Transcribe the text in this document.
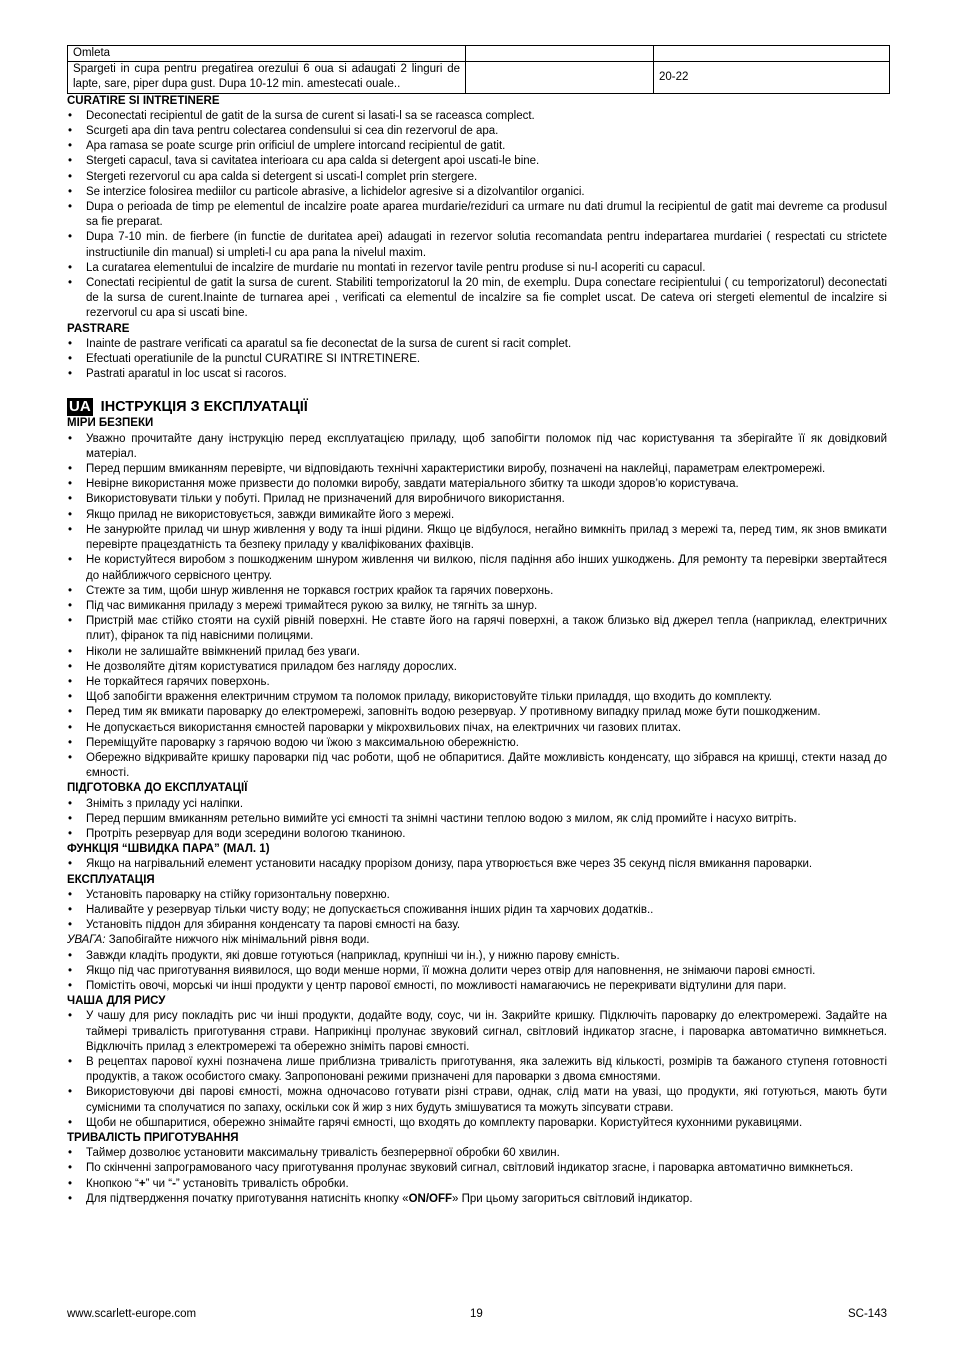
Omleta		
Spargeti in cupa pentru pregatirea orezului 6 oua si adaugati 2 linguri de lapte, sare, piper dupa gust. Dupa 10-12 min. amestecati ouale..		20-22
CURATIRE SI INTRETINERE
• Deconectati recipientul de gatit de la sursa de curent si lasati-l sa se raceasca complect.
• Scurgeti apa din tava pentru colectarea condensului si cea din rezervorul de apa.
• Apa ramasa se poate scurge prin orificiul de umplere intorcand recipientul de gatit.
• Stergeti capacul, tava si cavitatea interioara cu apa calda si detergent apoi uscati-le bine.
• Stergeti rezervorul cu apa calda si detergent si uscati-l complet prin stergere.
• Se interzice folosirea mediilor cu particole abrasive, a lichidelor agresive si a dizolvantilor organici.
• Dupa o perioada de timp pe elementul de incalzire poate aparea murdarie/reziduri ca urmare nu dati drumul la recipientul de gatit mai devreme ca produsul sa fie preparat.
• Dupa 7-10 min. de fierbere (in functie de duritatea apei) adaugati in rezervor solutia recomandata pentru indepartarea murdariei ( respectati cu strictete instructiunile din manual) si umpleti-l cu apa pana la nivelul maxim.
• La curatarea elementului de incalzire de murdarie nu montati in rezervor tavile pentru produse si nu-l acoperiti cu capacul.
• Conectati recipientul de gatit la sursa de curent. Stabiliti temporizatorul la 20 min, de exemplu. Dupa conectare recipientului ( cu temporizatorul) deconectati de la sursa de curent.Inainte de turnarea apei , verificati ca elementul de incalzire sa fie complet uscat. De cateva ori stergeti elementul de incalzire si rezervorul cu apa si uscati bine.
PASTRARE
• Inainte de pastrare verificati ca aparatul sa fie deconectat de la sursa de curent si racit complet.
• Efectuati operatiunile de la punctul CURATIRE SI INTRETINERE.
• Pastrati aparatul in loc uscat si racoros.
UA ІНСТРУКЦІЯ З ЕКСПЛУАТАЦІЇ
МІРИ БЕЗПЕКИ
• Уважно прочитайте дану інструкцію перед експлуатацією приладу, щоб запобігти поломок під час користування та зберігайте її як довідковий матеріал.
• Перед першим вмиканням перевірте, чи відповідають технічні характеристики виробу, позначені на наклейці, параметрам електромережі.
• Невірне використання може призвести до поломки виробу, завдати матеріального збитку та шкоди здоров’ю користувача.
• Використовувати тільки у побуті. Прилад не призначений для виробничого використання.
• Якщо прилад не використовується, завжди вимикайте його з мережі.
• Не занурюйте прилад чи шнур живлення у воду та інші рідини. Якщо це відбулося, негайно вимкніть прилад з мережі та, перед тим, як знов вмикати перевірте працездатність та безпеку приладу у кваліфікованих фахівців.
• Не користуйтеся виробом з пошкодженим шнуром живлення чи вилкою, після падіння або інших ушкоджень. Для ремонту та перевірки звертайтеся до найближчого сервісного центру.
• Стежте за тим, щоби шнур живлення не торкався гострих крайок та гарячих поверхонь.
• Під час вимикання приладу з мережі тримайтеся рукою за вилку, не тягніть за шнур.
• Пристрій має стійко стояти на сухій рівній поверхні. Не ставте його на гарячі поверхні, а також близько від джерел тепла (наприклад, електричних плит), фіранок та під навісними полицями.
• Ніколи не залишайте ввімкнений прилад без уваги.
• Не дозволяйте дітям користуватися приладом без нагляду дорослих.
• Не торкайтеся гарячих поверхонь.
• Щоб запобігти враження електричним струмом та поломок приладу, використовуйте тільки приладдя, що входить до комплекту.
• Перед тим як вмикати пароварку до електромережі, заповніть водою резервуар. У противному випадку прилад може бути пошкодженим.
• Не допускається використання ємностей пароварки у мікрохвильових пічах, на електричних чи газових плитах.
• Переміщуйте пароварку з гарячою водою чи їжою з максимальною обережністю.
• Обережно відкривайте кришку пароварки під час роботи, щоб не обпаритися. Дайте можливість конденсату, що зібрався на кришці, стекти назад до ємності.
ПІДГОТОВКА ДО ЕКСПЛУАТАЦІЇ
• Зніміть з приладу усі наліпки.
• Перед першим вмиканням ретельно вимийте усі ємності та знімні частини теплою водою з милом, як слід промийте і насухо витріть.
• Протріть резервуар для води зсередини вологою тканиною.
ФУНКЦІЯ “ШВИДКА ПАРА” (МАЛ. 1)
• Якщо на нагрівальний елемент установити насадку прорізом донизу, пара утворюється вже через 35 секунд після вмикання пароварки.
ЕКСПЛУАТАЦІЯ
• Установіть пароварку на стійку горизонтальну поверхню.
• Наливайте у резервуар тільки чисту воду; не допускається споживання інших рідин та харчових додатків..
• Установіть піддон для збирання конденсату та парові ємності на базу.

УВАГА: Запобігайте нижчого ніж мінімальний рівня води.

• Завжди кладіть продукти, які довше готуються (наприклад, крупніші чи ін.), у нижню парову ємність.
• Якщо під час приготування виявилося, що води менше норми, її можна долити через отвір для наповнення, не знімаючи парові ємності.
• Помістіть овочі, морські чи інші продукти у центр парової ємності, по можливості намагаючись не перекривати відтулини для пари.
ЧАША ДЛЯ РИСУ
• У чашу для рису покладіть рис чи інші продукти, додайте воду, соус, чи ін. Закрийте кришку. Підключіть пароварку до електромережі. Задайте на таймері тривалість приготування страви. Наприкінці пролунає звуковий сигнал, світловий індикатор згасне, і пароварка автоматично вимкнеться. Відключіть прилад з електромережі та обережно зніміть парові ємності.
• В рецептах паровoї кухні позначена лише приблизна тривалість приготування, яка залежить від кількості, розмірів та бажаного ступеня готовності продуктів, а також особистого смаку. Запропоновані режими призначені для пароварки з двома ємностями.
• Використовуючи дві парові ємності, можна одночасово готувати різні страви, однак, слід мати на увазі, що продукти, які готуються, мають бути сумісними та сполучатися по запаху, оскільки сок й жир з них будуть змішуватися та можуть зіпсувати страви.
• Щоби не обшпаритися, обережно знімайте гарячі ємності, що входять до комплекту пароварки. Користуйтеся кухонними рукавицями.
ТРИВАЛІСТЬ ПРИГОТУВАННЯ
• Таймер дозволює установити максимальну тривалість безперервної обробки 60 хвилин.
• По скінченні запрограмованого часу приготування пролунає звуковий сигнал, світловий індикатор згасне, і пароварка автоматично вимкнеться.
• Кнопкою “+” чи “-” установіть тривалість обробки.
• Для підтвердження початку приготування натисніть кнопку «ON/OFF» При цьому загориться світловий індикатор.
www.scarlett-europe.com	19	SC-143
